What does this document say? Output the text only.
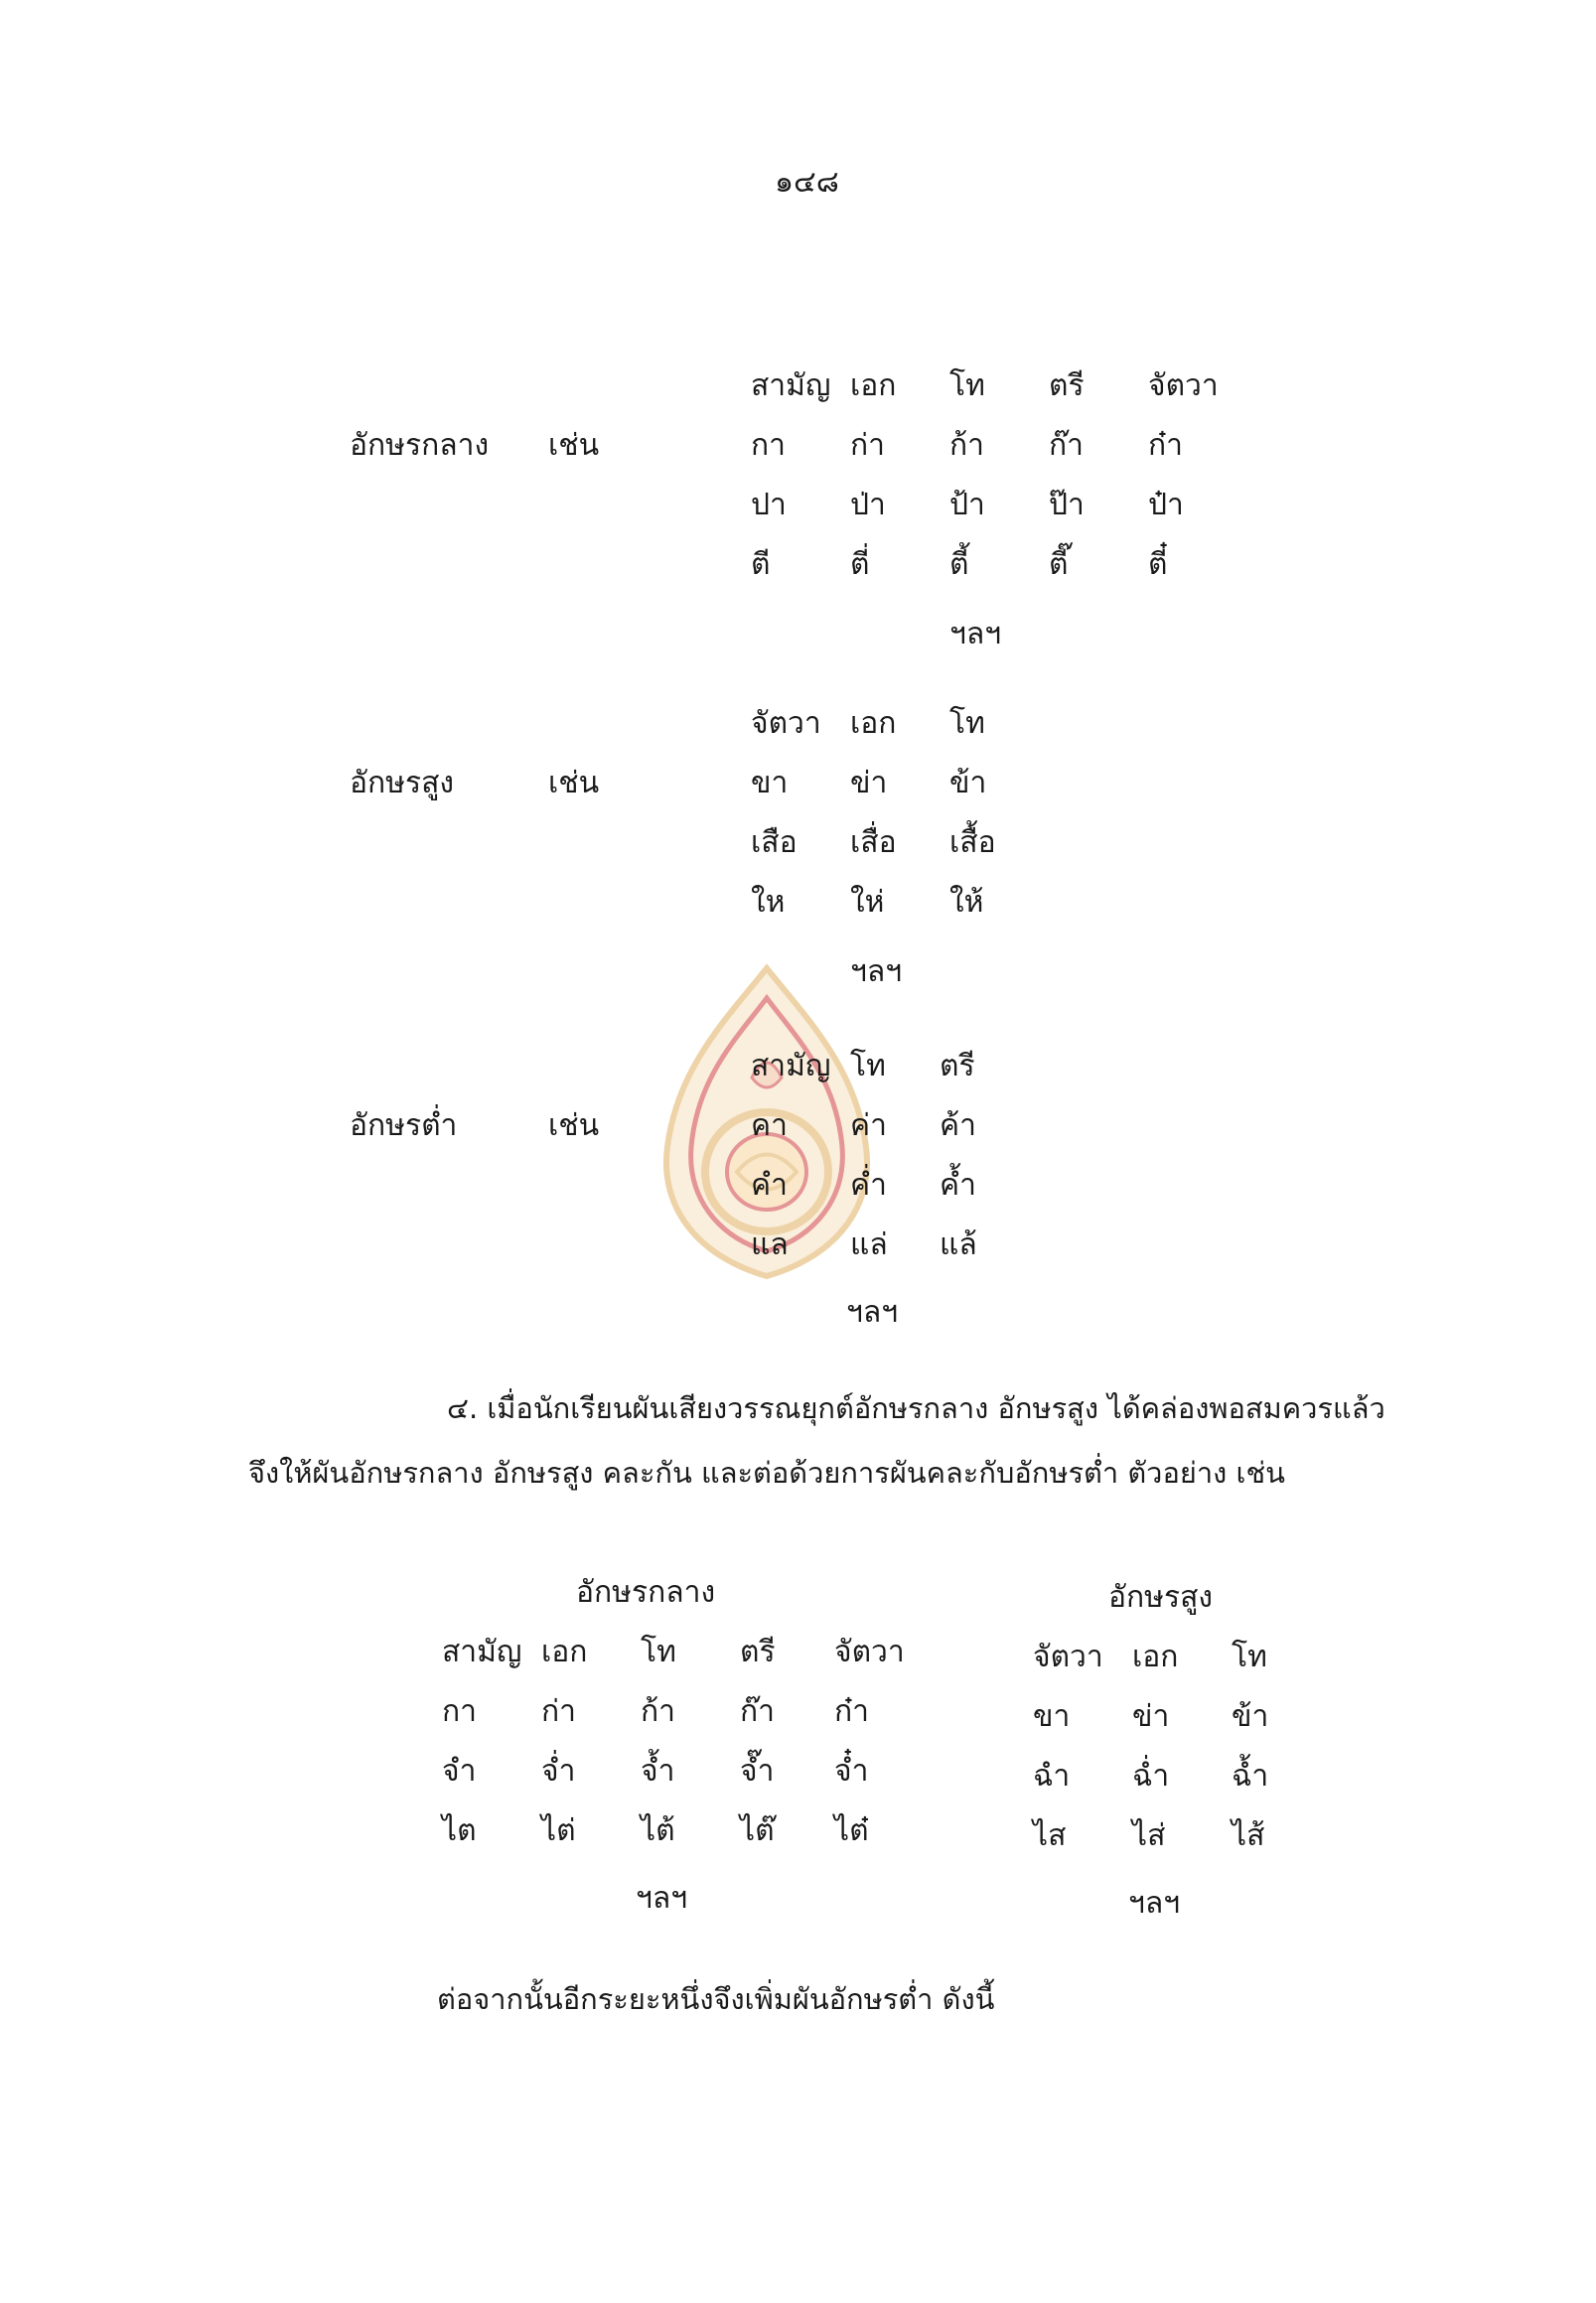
๑๔๘
อักษรกลาง เช่น
สามัญ เอก โท ตรี จัตวา
กา ก่า ก้า ก๊า ก๋า
ปา ป่า ป้า ป๊า ป๋า
ตี	ตี่	ตี้	ตี๊	ตี๋
ฯลฯ
อักษรสูง	เช่น
จัตวา เอก โท
ขา ข่า ข้า
เสือ เสื่อ เสื้อ
ให ให่ ให้
ฯลฯ
อักษรต่ำ	เช่น
สามัญ โท ตรี
คา ค่า ค้า
คำ ค่ำ ค้ำ
แล แล่ แล้
ฯลฯ
๔. เมื่อนักเรียนผันเสียงวรรณยุกต์อักษรกลาง อักษรสูง ได้คล่องพอสมควรแล้ว
จึงให้ผันอักษรกลาง อักษรสูง คละกัน และต่อด้วยการผันคละกับอักษรต่ำ ตัวอย่าง เช่น
อักษรกลาง
สามัญ เอก โท ตรี จัตวา
กา ก่า ก้า ก๊า ก๋า
จำ จ่ำ จ้ำ จ๊ำ จ๋ำ
ไต ไต่ ไต้ ไต๊ ไต๋
ฯลฯ
อักษรสูง
จัตวา เอก โท
ขา ข่า ข้า
ฉำ ฉ่ำ ฉ้ำ
ไส ไส่ ไส้
ฯลฯ
ต่อจากนั้นอีกระยะหนึ่งจึงเพิ่มผันอักษรต่ำ ดังนี้
